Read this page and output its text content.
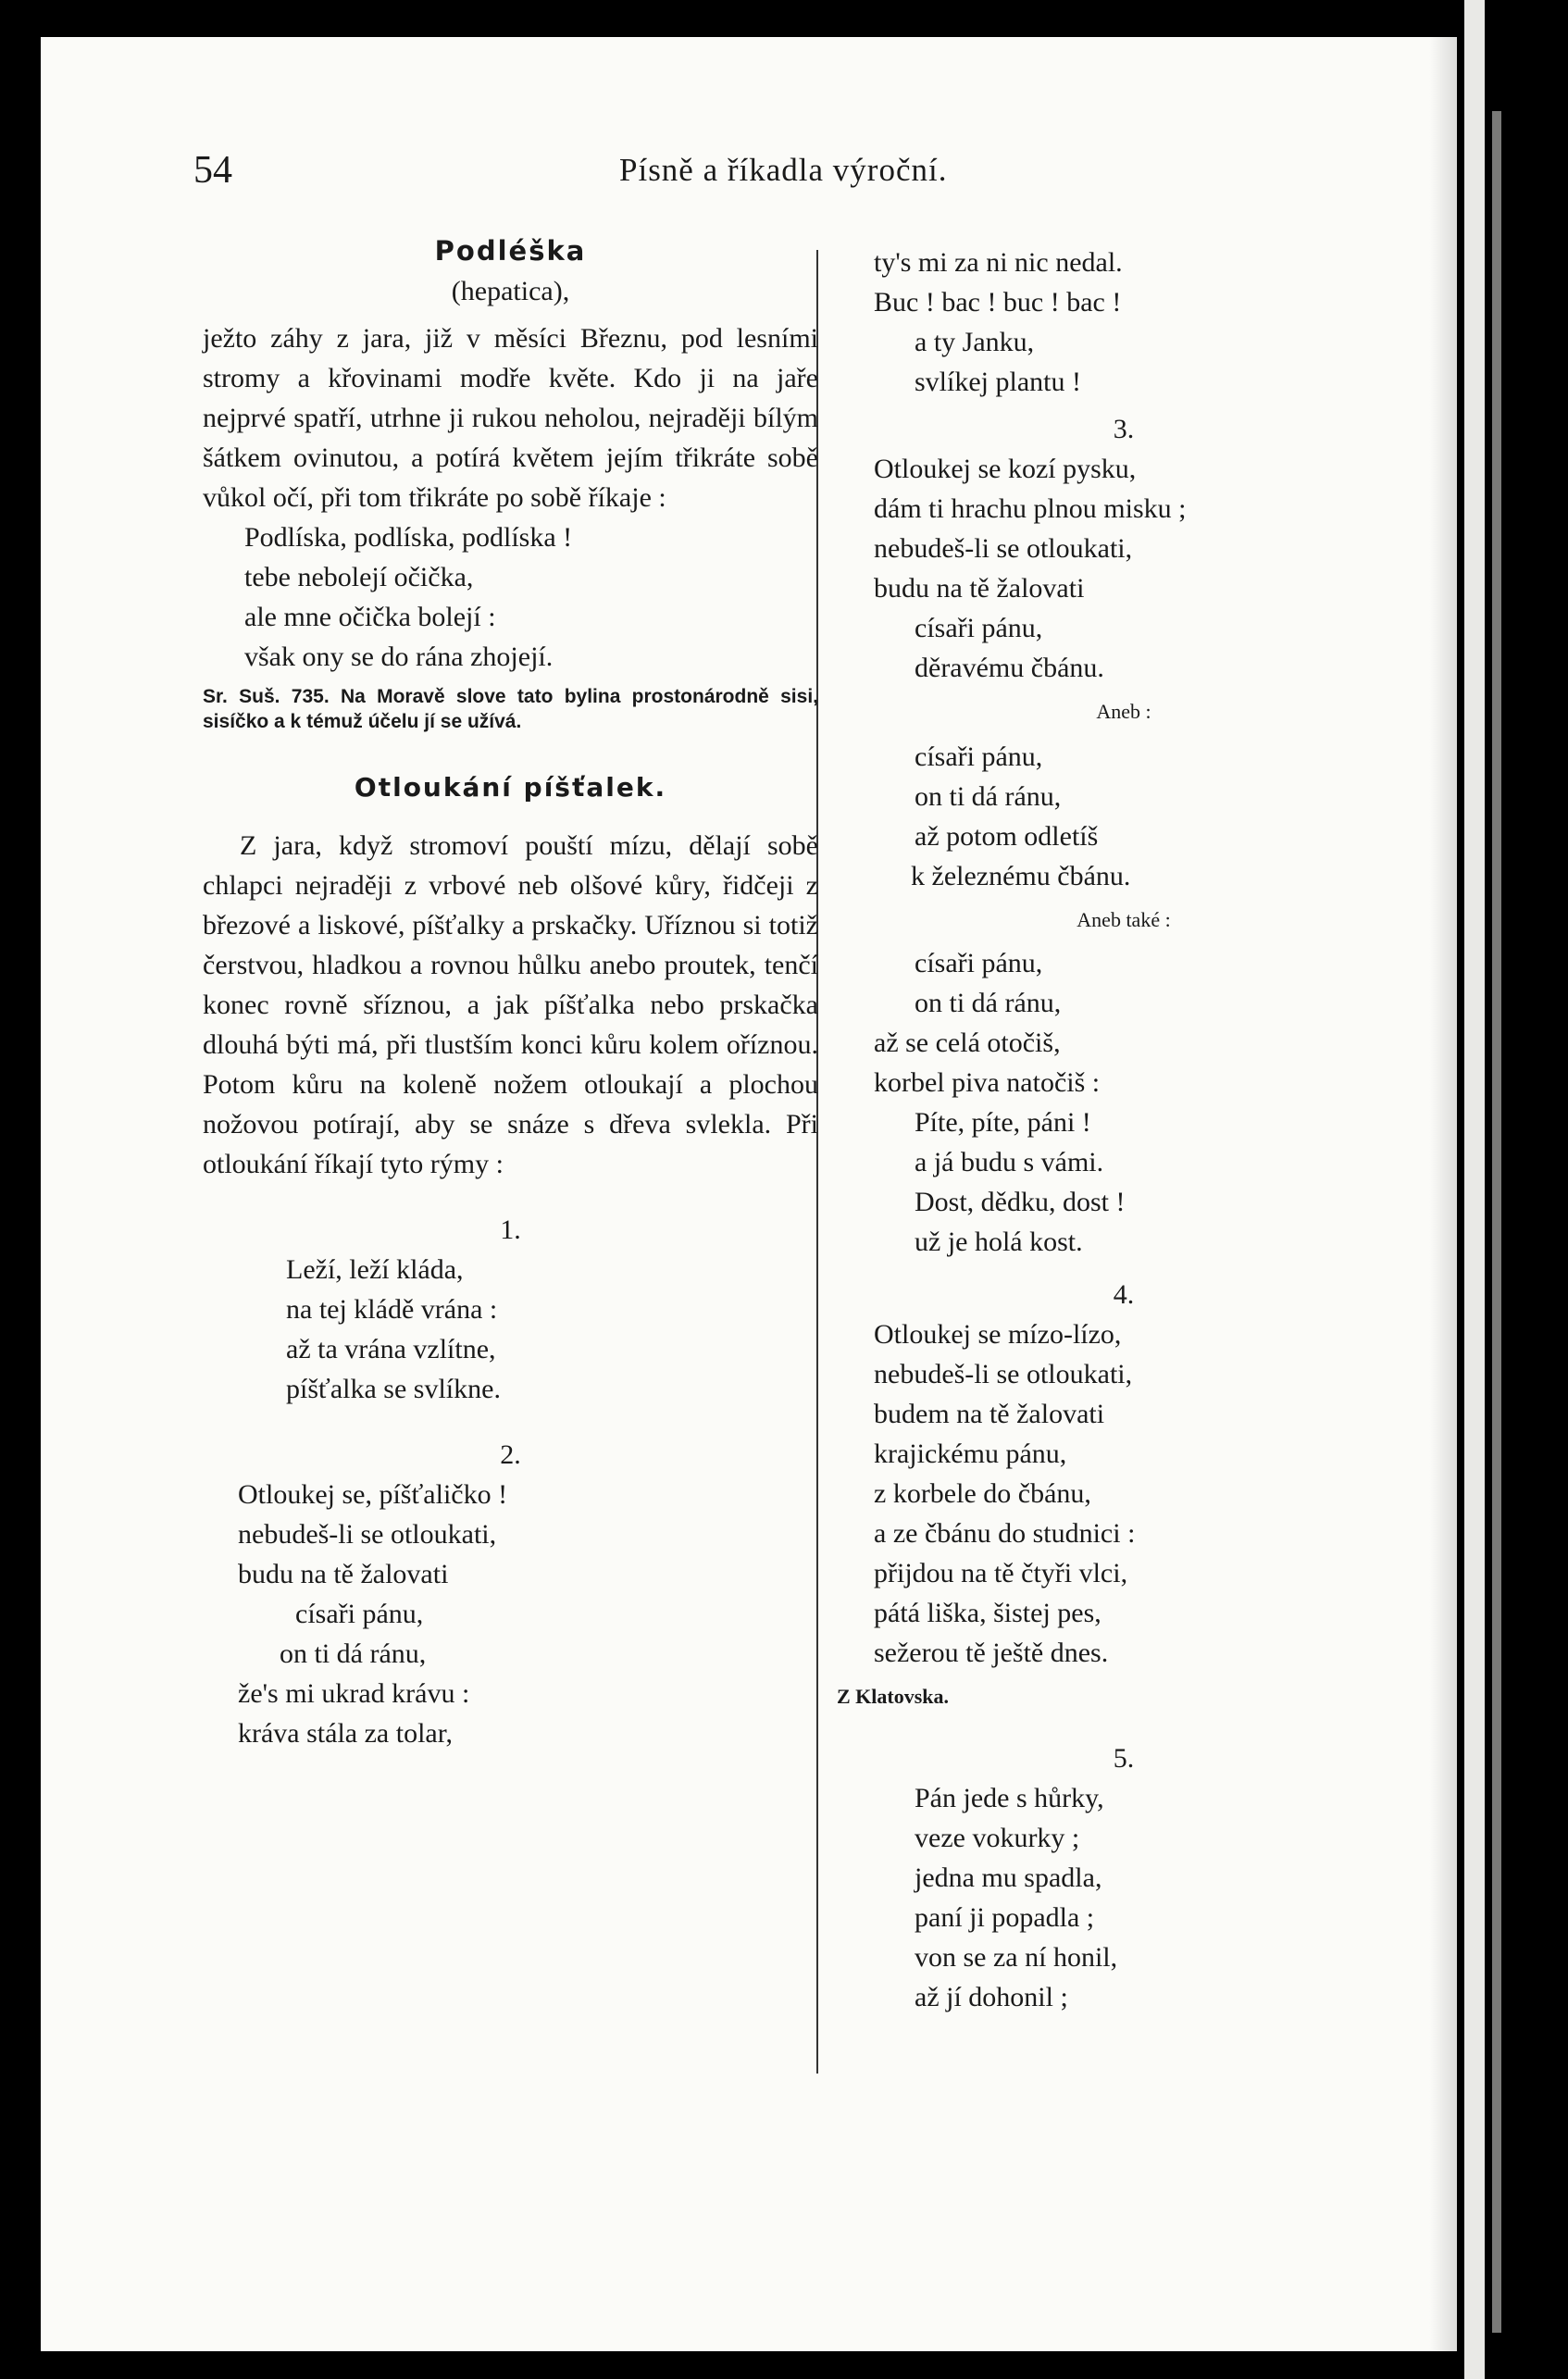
54	Písně a říkadla výroční.
Podléška
(hepatica),
ježto záhy z jara, již v měsíci Březnu, pod lesními stromy a křovinami modře květe. Kdo ji na jaře nejprvé spatří, utrhne ji rukou neholou, nejraději bílým šátkem ovinutou, a potírá květem jejím třikráte sobě vůkol očí, při tom třikráte po sobě říkaje :
Podlíska, podlíska, podlíska !
tebe nebolejí očička,
ale mne očička bolejí :
však ony se do rána zhojejí.
Sr. Suš. 735. Na Moravě slove tato bylina prostonárodně sisi, sisíčko a k témuž účelu jí se užívá.
Otloukání píšťalek.
Z jara, když stromoví pouští mízu, dělají sobě chlapci nejraději z vrbové neb olšové kůry, řidčeji z březové a liskové, píšťalky a prskačky. Uříznou si totiž čerstvou, hladkou a rovnou hůlku anebo proutek, tenčí konec rovně sříznou, a jak píšťalka nebo prskačka dlouhá býti má, při tlustším konci kůru kolem oříznou. Potom kůru na koleně nožem otloukají a plochou nožovou potírají, aby se snáze s dřeva svlekla. Při otloukání říkají tyto rýmy :
1.
Leží, leží kláda,
na tej kládě vrána :
až ta vrána vzlítne,
píšťalka se svlíkne.
2.
Otloukej se, píšťaličko !
nebudeš-li se otloukati,
budu na tě žalovati
císaři pánu,
on ti dá ránu,
že's mi ukrad krávu :
kráva stála za tolar,
ty's mi za ni nic nedal.
Buc ! bac ! buc ! bac !
a ty Janku,
svlíkej plantu !
3.
Otloukej se kozí pysku,
dám ti hrachu plnou misku ;
nebudeš-li se otloukati,
budu na tě žalovati
císaři pánu,
děravému čbánu.
Aneb :
císaři pánu,
on ti dá ránu,
až potom odletíš
k železnému čbánu.
Aneb také :
císaři pánu,
on ti dá ránu,
až se celá otočiš,
korbel piva natočiš :
Píte, píte, páni !
a já budu s vámi.
Dost, dědku, dost !
už je holá kost.
4.
Otloukej se mízo-lízo,
nebudeš-li se otloukati,
budem na tě žalovati
krajickému pánu,
z korbele do čbánu,
a ze čbánu do studnici :
přijdou na tě čtyři vlci,
pátá liška, šistej pes,
sežerou tě ještě dnes.
Z Klatovska.
5.
Pán jede s hůrky,
veze vokurky ;
jedna mu spadla,
paní ji popadla ;
von se za ní honil,
až jí dohonil ;
